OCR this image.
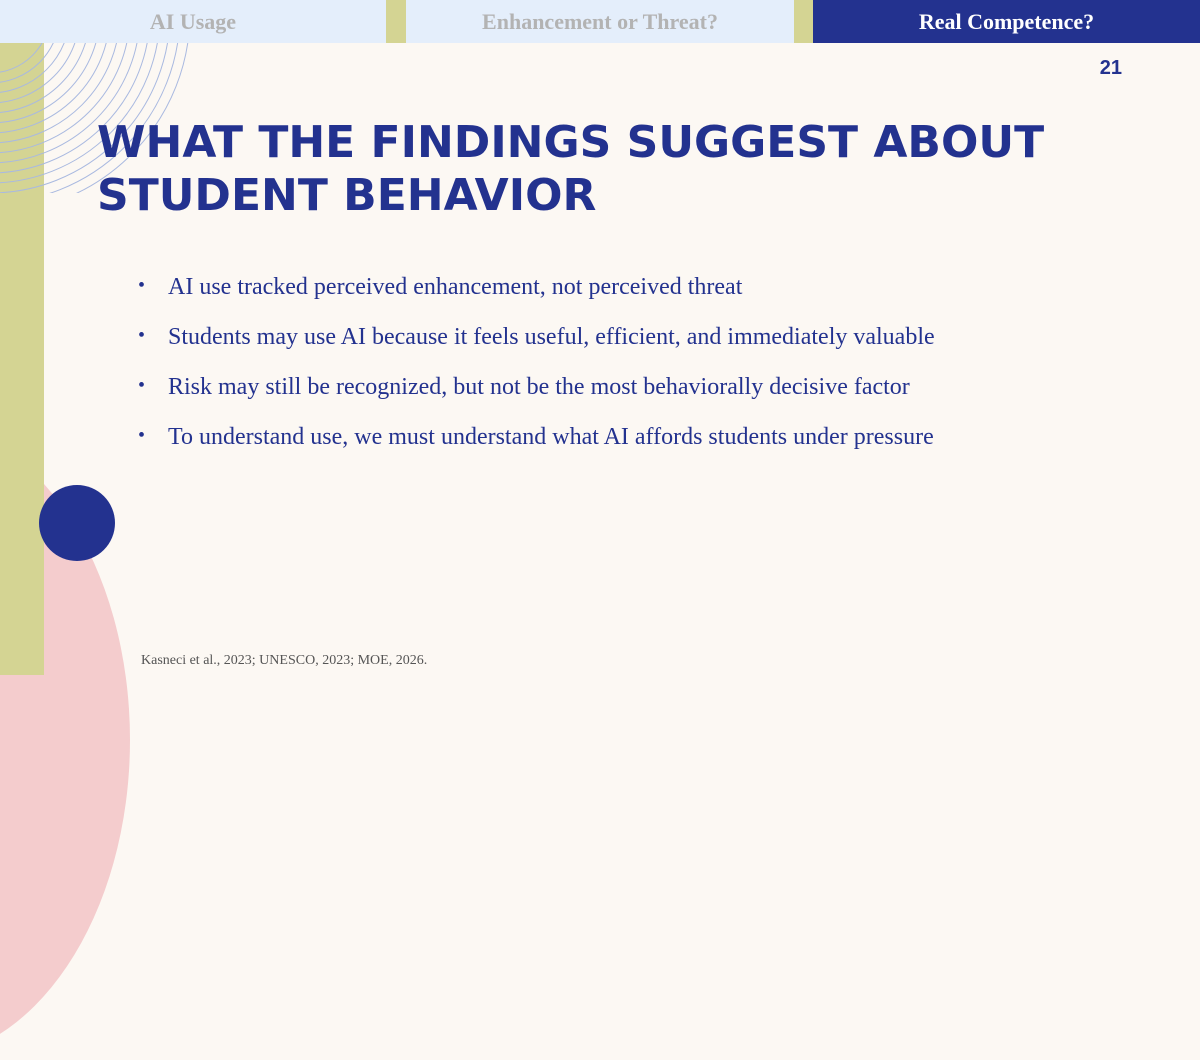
AI Usage	Enhancement or Threat?	Real Competence?
21
WHAT THE FINDINGS SUGGEST ABOUT STUDENT BEHAVIOR
• AI use tracked perceived enhancement, not perceived threat
• Students may use AI because it feels useful, efficient, and immediately valuable
• Risk may still be recognized, but not be the most behaviorally decisive factor
• To understand use, we must understand what AI affords students under pressure
Kasneci et al., 2023; UNESCO, 2023; MOE, 2026.
